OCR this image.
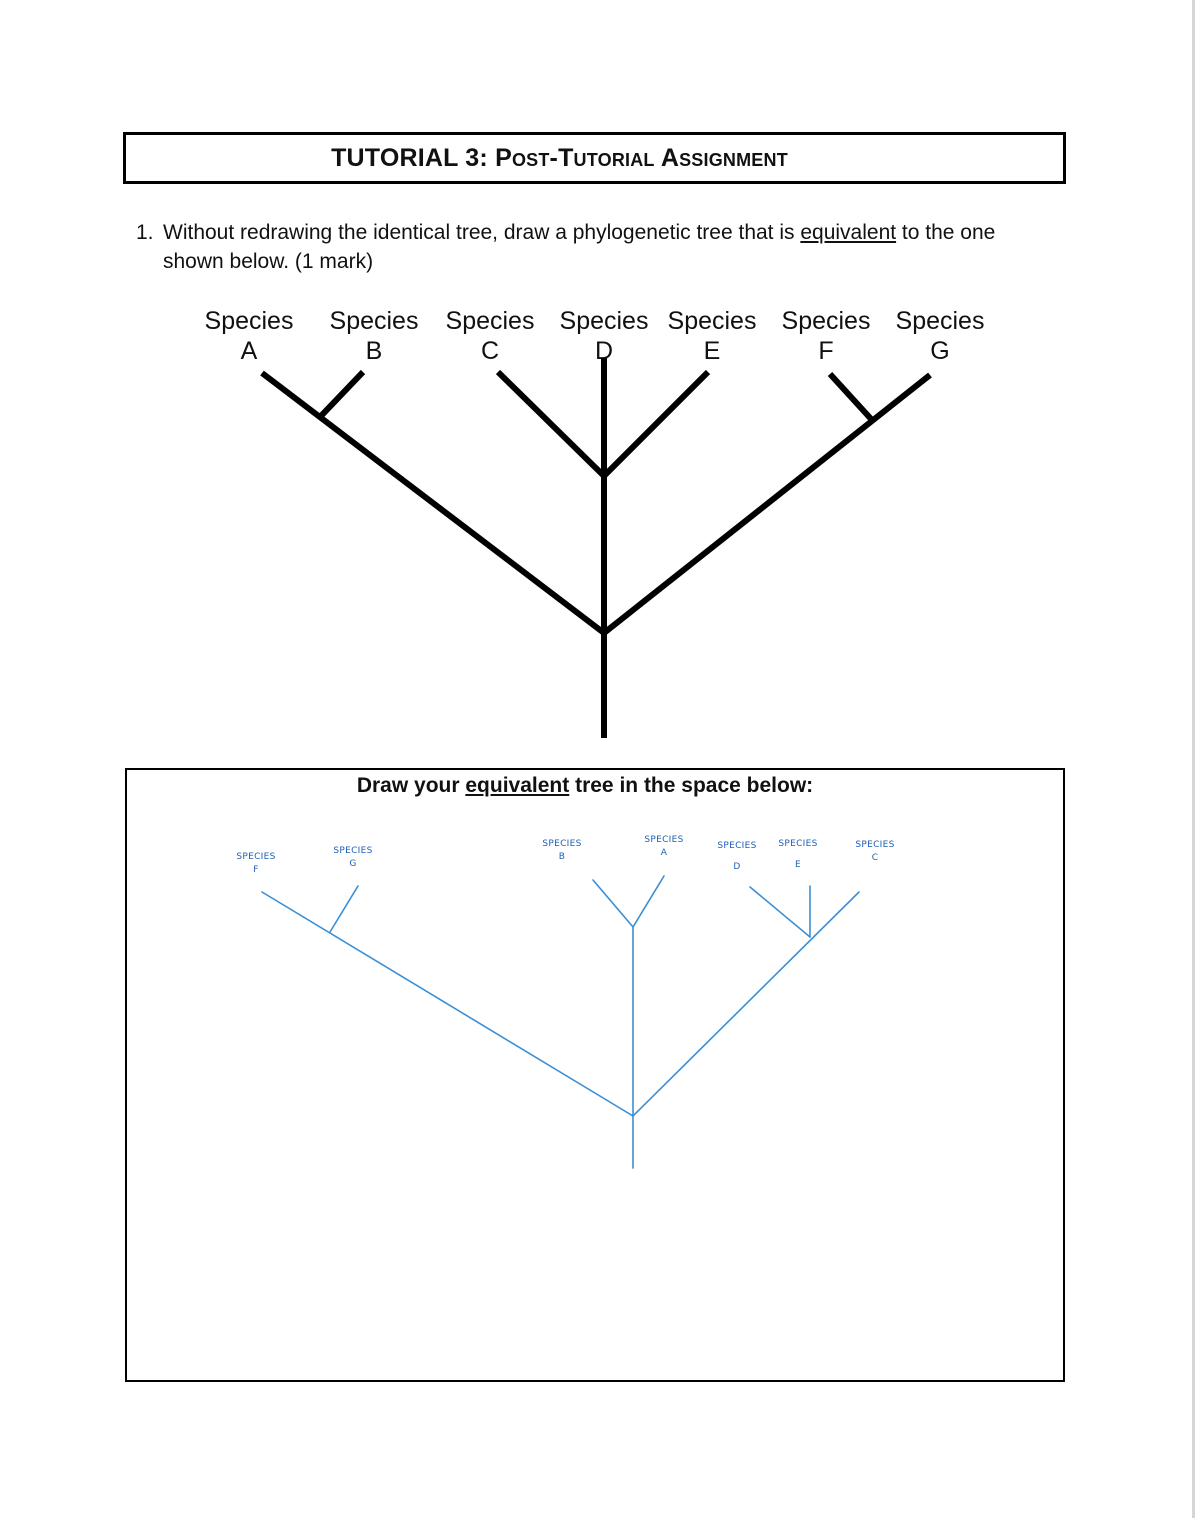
TUTORIAL 3: Post-Tutorial Assignment
1. Without redrawing the identical tree, draw a phylogenetic tree that is equivalent to the one
shown below. (1 mark)
Species
A
Species
B
Species
C
Species
D
Species
E
Species
F
Species
G
Draw your equivalent tree in the space below:
SPECIES
F
SPECIES
G
SPECIES
B
SPECIES
A
SPECIES
D
SPECIES
E
SPECIES
C
